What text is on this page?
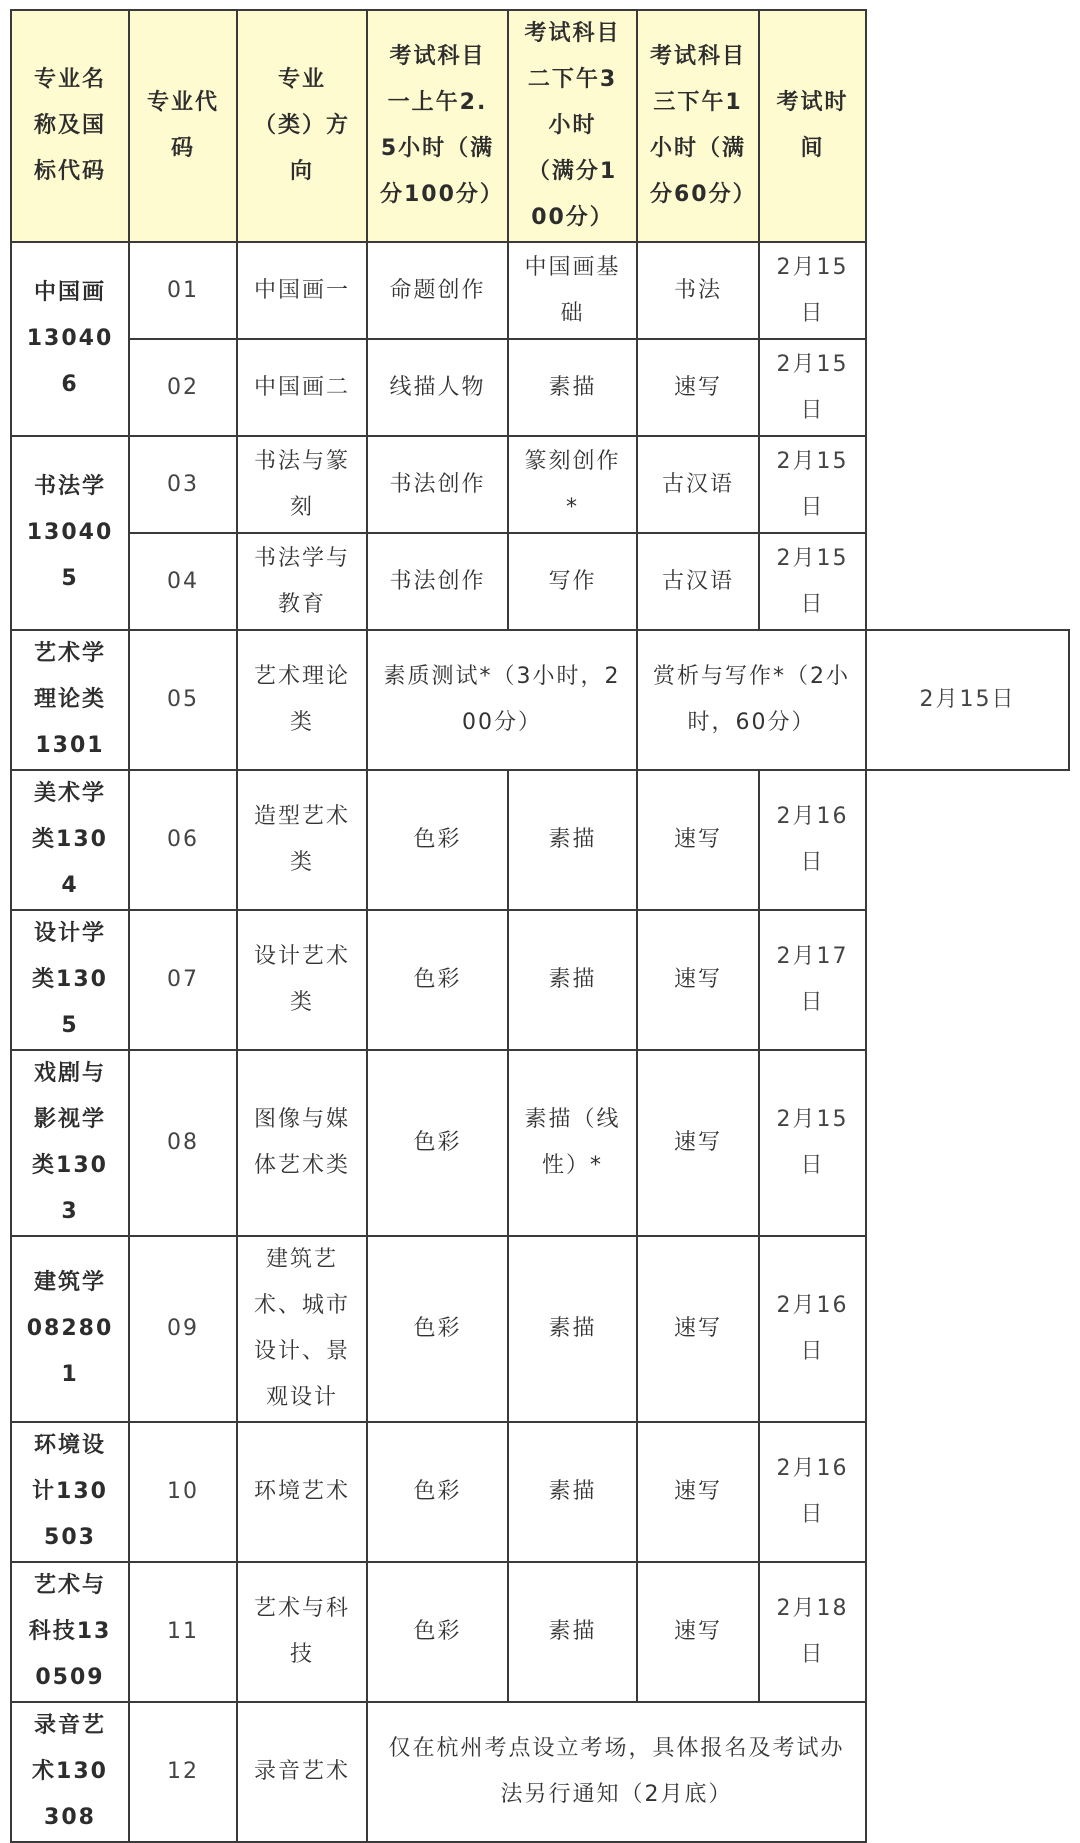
专业名称及国标代码	专业代码	专业（类）方向	考试科目一上午2.5小时（满分100分）	考试科目二下午3小时 （满分100分）	考试科目三下午1小时（满分60分）	考试时间	
中国画130406	01	中国画一	命题创作	中国画基础	书法	2月15日	
	02	中国画二	线描人物	素描	速写	2月15日	
书法学130405	03	书法与篆刻	书法创作	篆刻创作*	古汉语	2月15日	
	04	书法学与教育	书法创作	写作	古汉语	2月15日	
艺术学理论类1301	05	艺术理论类	素质测试*（3小时，200分）		赏析与写作*（2小时，60分）		2月15日
美术学类1304	06	造型艺术类	色彩	素描	速写	2月16日	
设计学类1305	07	设计艺术类	色彩	素描	速写	2月17日	
戏剧与影视学类1303	08	图像与媒体艺术类	色彩	素描（线性）*	速写	2月15日	
建筑学082801	09	建筑艺术、城市设计、景观设计	色彩	素描	速写	2月16日	
环境设计130503	10	环境艺术	色彩	素描	速写	2月16日	
艺术与科技130509	11	艺术与科技	色彩	素描	速写	2月18日	
录音艺术130308	12	录音艺术	仅在杭州考点设立考场，具体报名及考试办法另行通知（2月底）				
